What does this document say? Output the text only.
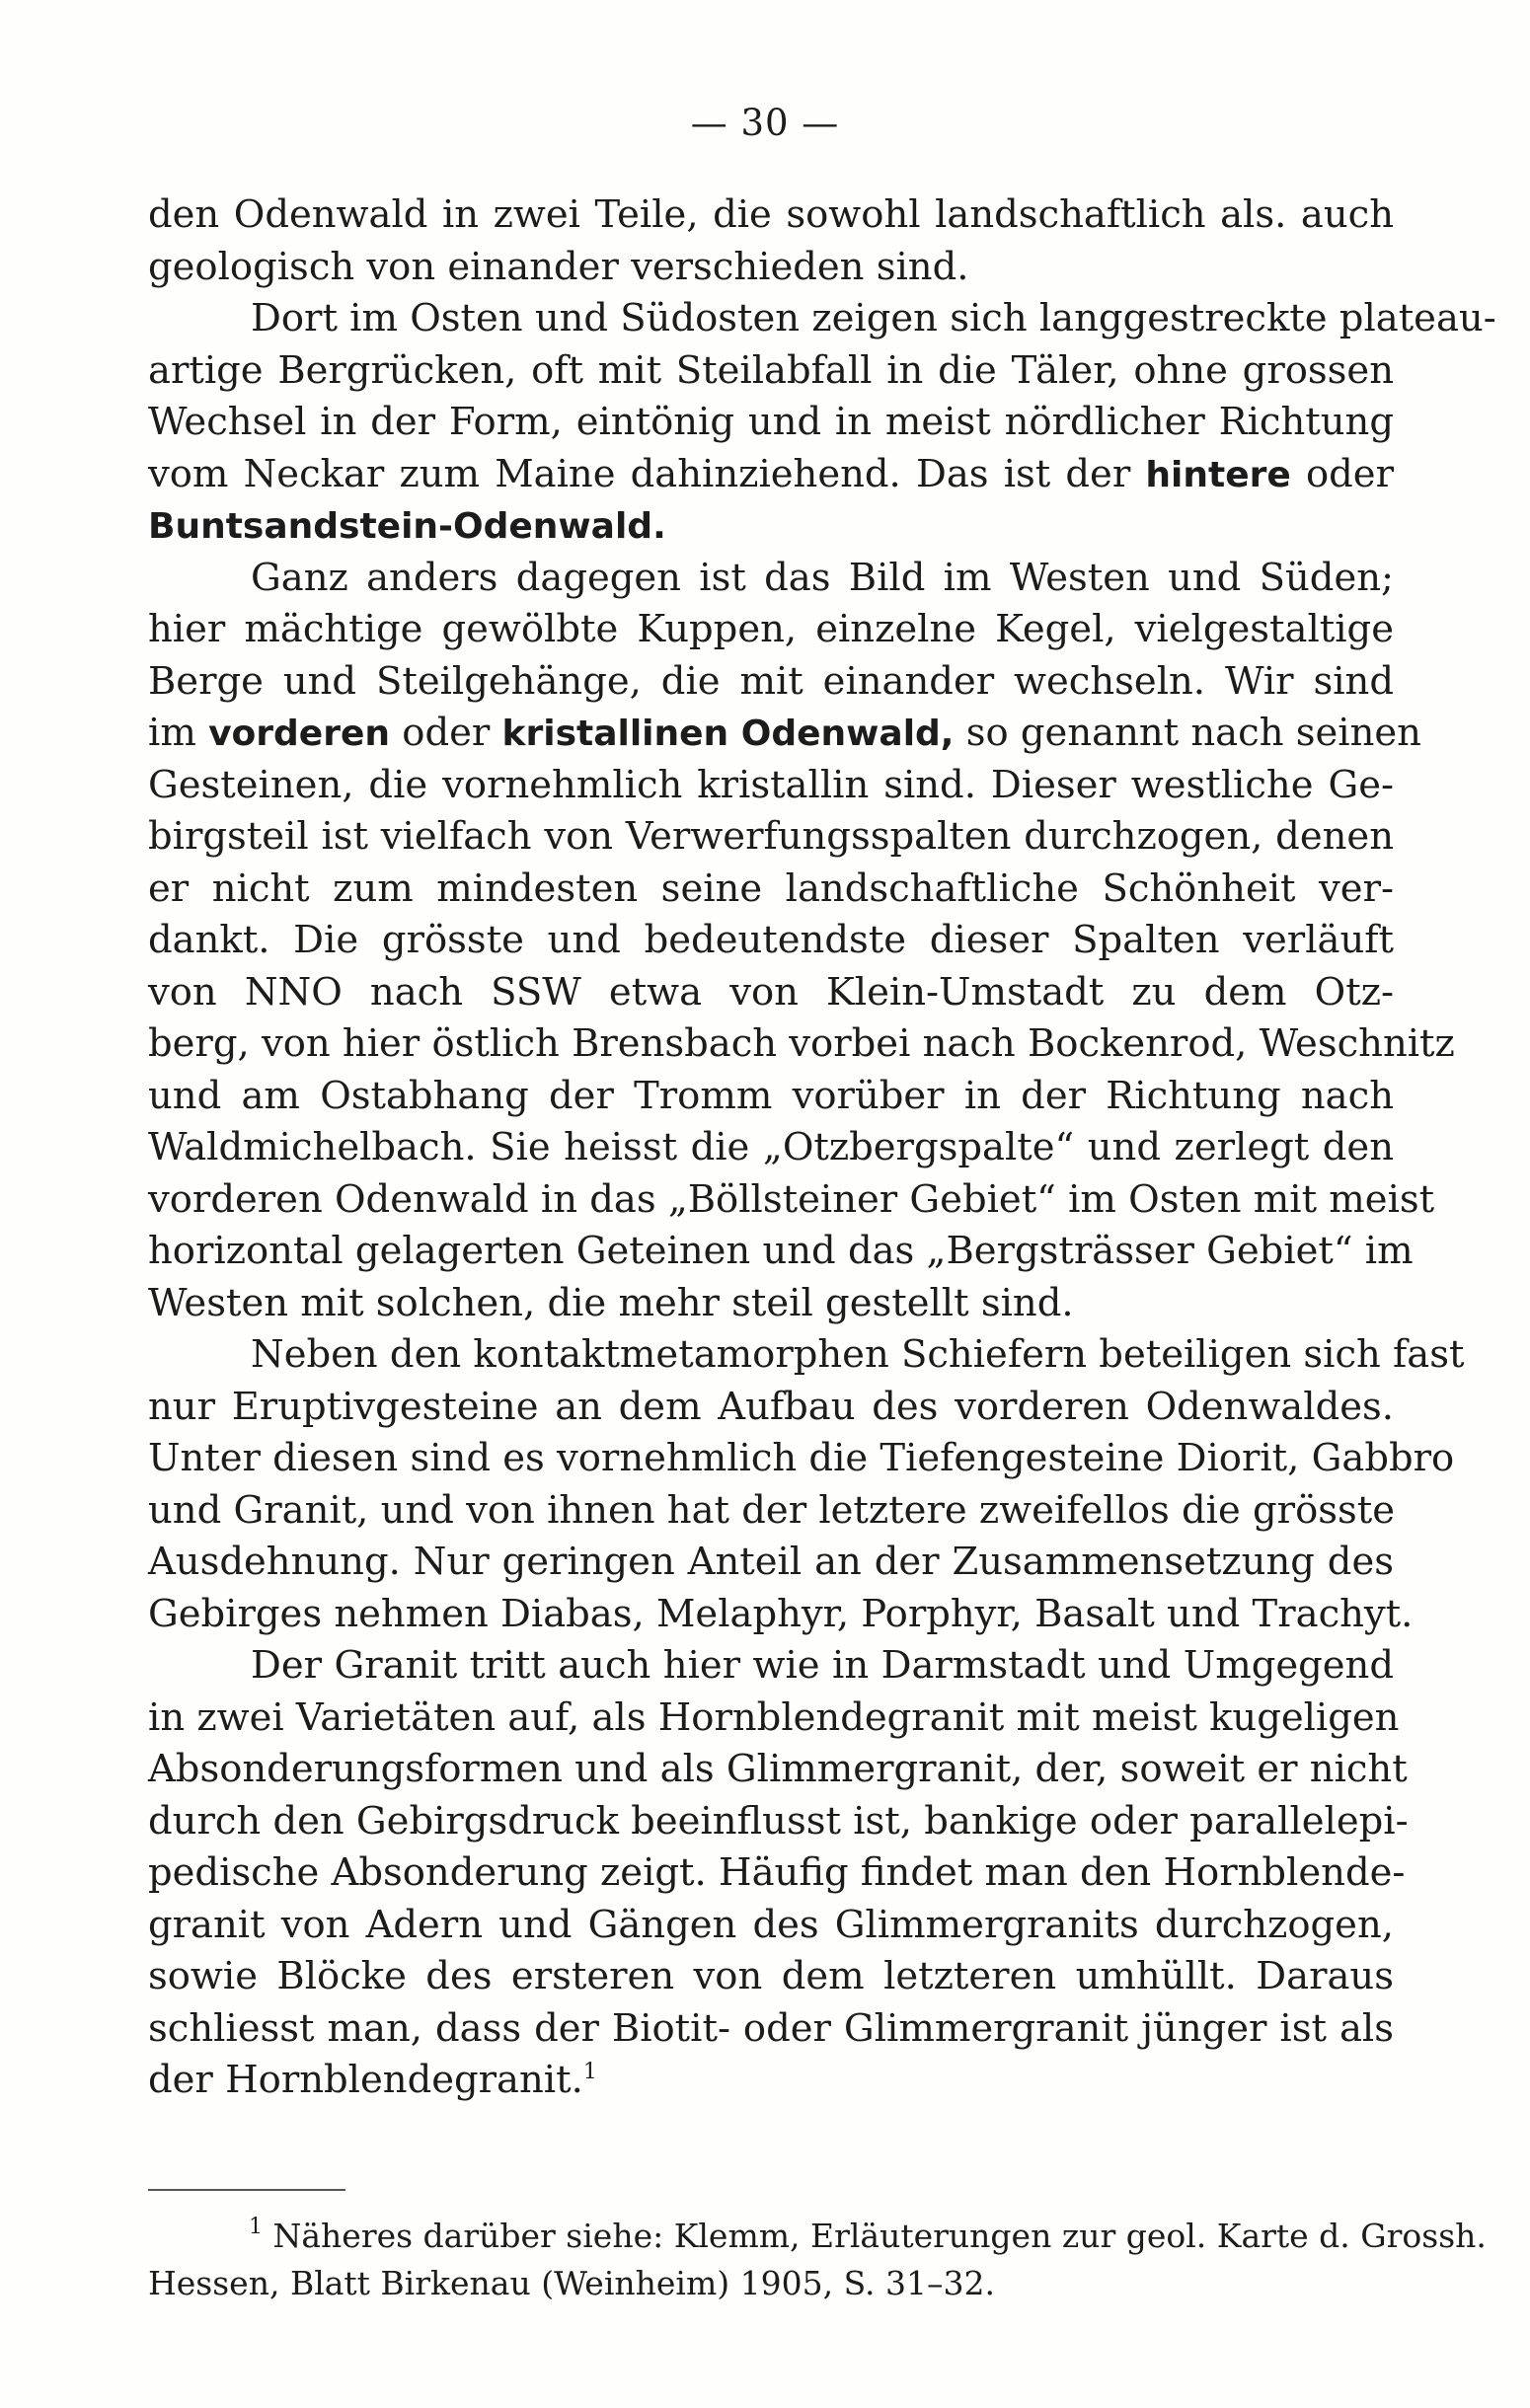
— 30 —
den Odenwald in zwei Teile, die sowohl landschaftlich als. auch
geologisch von einander verschieden sind.
Dort im Osten und Südosten zeigen sich langgestreckte plateau-
artige Bergrücken, oft mit Steilabfall in die Täler, ohne grossen
Wechsel in der Form, eintönig und in meist nördlicher Richtung
vom Neckar zum Maine dahinziehend. Das ist der hintere oder
Buntsandstein-Odenwald.
Ganz anders dagegen ist das Bild im Westen und Süden;
hier mächtige gewölbte Kuppen, einzelne Kegel, vielgestaltige
Berge und Steilgehänge, die mit einander wechseln. Wir sind
im vorderen oder kristallinen Odenwald, so genannt nach seinen
Gesteinen, die vornehmlich kristallin sind. Dieser westliche Ge-
birgsteil ist vielfach von Verwerfungsspalten durchzogen, denen
er nicht zum mindesten seine landschaftliche Schönheit ver-
dankt. Die grösste und bedeutendste dieser Spalten verläuft
von NNO nach SSW etwa von Klein-Umstadt zu dem Otz-
berg, von hier östlich Brensbach vorbei nach Bockenrod, Weschnitz
und am Ostabhang der Tromm vorüber in der Richtung nach
Waldmichelbach. Sie heisst die „Otzbergspalte“ und zerlegt den
vorderen Odenwald in das „Böllsteiner Gebiet“ im Osten mit meist
horizontal gelagerten Geteinen und das „Bergsträsser Gebiet“ im
Westen mit solchen, die mehr steil gestellt sind.
Neben den kontaktmetamorphen Schiefern beteiligen sich fast
nur Eruptivgesteine an dem Aufbau des vorderen Odenwaldes.
Unter diesen sind es vornehmlich die Tiefengesteine Diorit, Gabbro
und Granit, und von ihnen hat der letztere zweifellos die grösste
Ausdehnung. Nur geringen Anteil an der Zusammensetzung des
Gebirges nehmen Diabas, Melaphyr, Porphyr, Basalt und Trachyt.
Der Granit tritt auch hier wie in Darmstadt und Umgegend
in zwei Varietäten auf, als Hornblendegranit mit meist kugeligen
Absonderungsformen und als Glimmergranit, der, soweit er nicht
durch den Gebirgsdruck beeinflusst ist, bankige oder parallelepi-
pedische Absonderung zeigt. Häufig findet man den Hornblende-
granit von Adern und Gängen des Glimmergranits durchzogen,
sowie Blöcke des ersteren von dem letzteren umhüllt. Daraus
schliesst man, dass der Biotit- oder Glimmergranit jünger ist als
der Hornblendegranit.$^1$
$^1$ Näheres darüber siehe: Klemm, Erläuterungen zur geol. Karte d. Grossh.
Hessen, Blatt Birkenau (Weinheim) 1905, S. 31–32.
